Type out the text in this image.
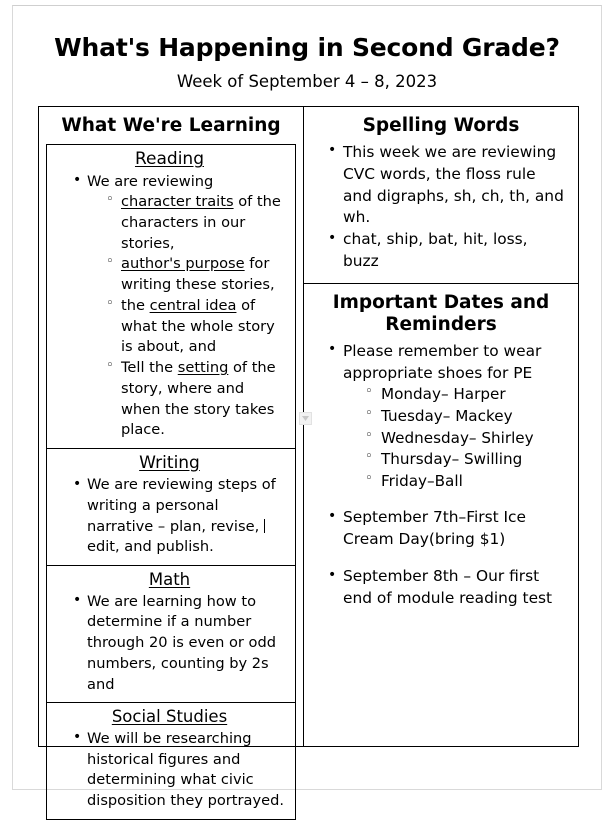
What's Happening in Second Grade?
Week of September 4 – 8, 2023
What We're Learning
Reading
• We are reviewing
◦ character traits of the characters in our stories,
◦ author's purpose for writing these stories,
◦ the central idea of what the whole story is about, and
◦ Tell the setting of the story, where and when the story takes place.
Writing
• We are reviewing steps of writing a personal narrative – plan, revise, edit, and publish.
Math
• We are learning how to determine if a number through 20 is even or odd numbers, counting by 2s and
Social Studies
• We will be researching historical figures and determining what civic disposition they portrayed.
Spelling Words
• This week we are reviewing CVC words, the floss rule and digraphs, sh, ch, th, and wh.
• chat, ship, bat, hit, loss, buzz
Important Dates and Reminders
• Please remember to wear appropriate shoes for PE
◦ Monday– Harper
◦ Tuesday– Mackey
◦ Wednesday– Shirley
◦ Thursday– Swilling
◦ Friday–Ball
• September 7th–First Ice Cream Day(bring $1)
• September 8th – Our first end of module reading test
